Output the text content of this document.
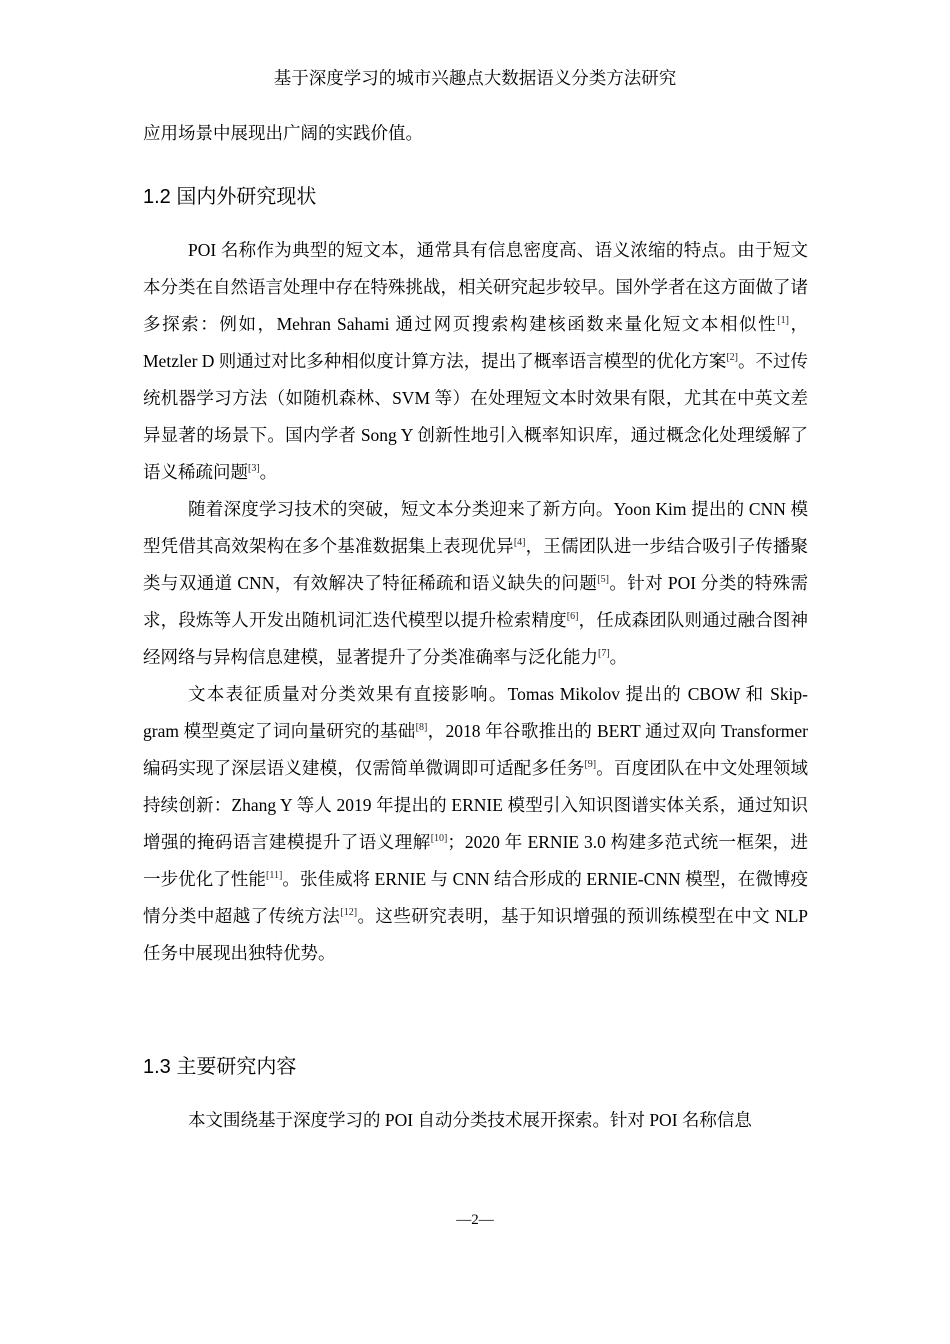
基于深度学习的城市兴趣点大数据语义分类方法研究

应用场景中展现出广阔的实践价值。

1.2 国内外研究现状

POI 名称作为典型的短文本，通常具有信息密度高、语义浓缩的特点。由于短文本分类在自然语言处理中存在特殊挑战，相关研究起步较早。国外学者在这方面做了诸多探索：例如，Mehran Sahami 通过网页搜索构建核函数来量化短文本相似性[1]，Metzler D 则通过对比多种相似度计算方法，提出了概率语言模型的优化方案[2]。不过传统机器学习方法（如随机森林、SVM 等）在处理短文本时效果有限，尤其在中英文差异显著的场景下。国内学者 Song Y 创新性地引入概率知识库，通过概念化处理缓解了语义稀疏问题[3]。

随着深度学习技术的突破，短文本分类迎来了新方向。Yoon Kim 提出的 CNN 模型凭借其高效架构在多个基准数据集上表现优异[4]，王儒团队进一步结合吸引子传播聚类与双通道 CNN，有效解决了特征稀疏和语义缺失的问题[5]。针对 POI 分类的特殊需求，段炼等人开发出随机词汇迭代模型以提升检索精度[6]，任成森团队则通过融合图神经网络与异构信息建模，显著提升了分类准确率与泛化能力[7]。

文本表征质量对分类效果有直接影响。Tomas Mikolov 提出的 CBOW 和 Skip-gram 模型奠定了词向量研究的基础[8]，2018 年谷歌推出的 BERT 通过双向 Transformer 编码实现了深层语义建模，仅需简单微调即可适配多任务[9]。百度团队在中文处理领域持续创新：Zhang Y 等人 2019 年提出的 ERNIE 模型引入知识图谱实体关系，通过知识增强的掩码语言建模提升了语义理解[10]；2020 年 ERNIE 3.0 构建多范式统一框架，进一步优化了性能[11]。张佳威将 ERNIE 与 CNN 结合形成的 ERNIE-CNN 模型，在微博疫情分类中超越了传统方法[12]。这些研究表明，基于知识增强的预训练模型在中文 NLP 任务中展现出独特优势。

1.3 主要研究内容

本文围绕基于深度学习的 POI 自动分类技术展开探索。针对 POI 名称信息

—2—
